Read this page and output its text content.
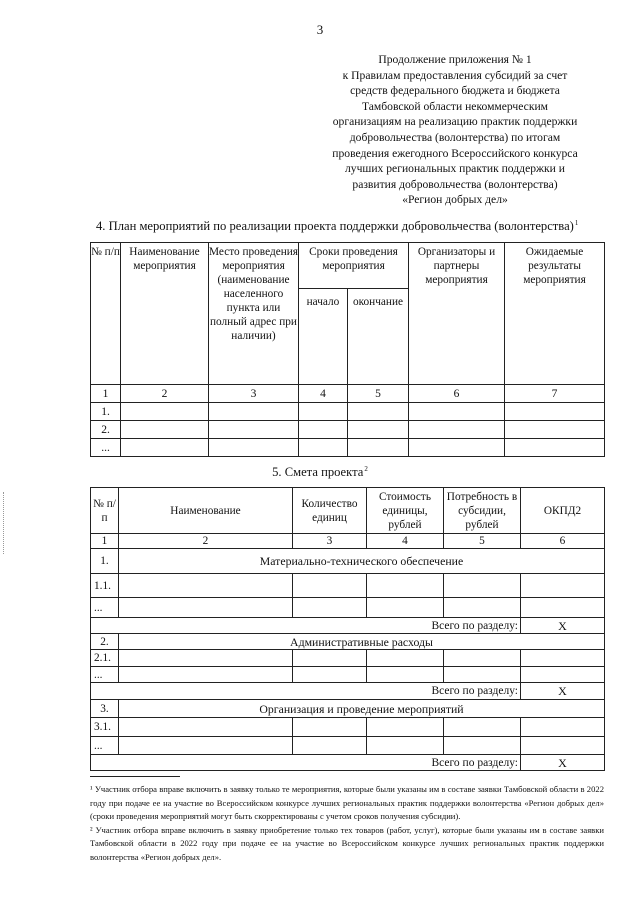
3
Продолжение приложения № 1
к Правилам предоставления субсидий за счет
средств федерального бюджета и бюджета
Тамбовской области некоммерческим
организациям на реализацию практик поддержки
добровольчества (волонтерства) по итогам
проведения ежегодного Всероссийского конкурса
лучших региональных практик поддержки и
развития добровольчества (волонтерства)
«Регион добрых дел»
4. План мероприятий по реализации проекта поддержки добровольчества (волонтерства)$^1$
№ п/п	Наименование мероприятия	Место проведения мероприятия (наименование населенного пункта или полный адрес при наличии)	Сроки проведения мероприятия		Организаторы и партнеры мероприятия	Ожидаемые результаты мероприятия
			начало	окончание		
1	2	3	4	5	6	7
1.						
2.						
...						
5. Смета проекта$^2$
№ п/п	Наименование	Количество единиц	Стоимость единицы, рублей	Потребность в субсидии, рублей	ОКПД2
1	2	3	4	5	6
1.	Материально-технического обеспечение				
1.1.					
...					
Всего по разделу:					Х
2.	Административные расходы				
2.1.					
...					
Всего по разделу:					Х
3.	Организация и проведение мероприятий				
3.1.					
...					
Всего по разделу:					Х

¹ Участник отбора вправе включить в заявку только те мероприятия, которые были указаны им в составе заявки Тамбовской области в 2022 году при подаче ее на участие во Всероссийском конкурсе лучших региональных практик поддержки волонтерства «Регион добрых дел» (сроки проведения мероприятий могут быть скорректированы с учетом сроков получения субсидии).

² Участник отбора вправе включить в заявку приобретение только тех товаров (работ, услуг), которые были указаны им в составе заявки Тамбовской области в 2022 году при подаче ее на участие во Всероссийском конкурсе лучших региональных практик поддержки волонтерства «Регион добрых дел».
